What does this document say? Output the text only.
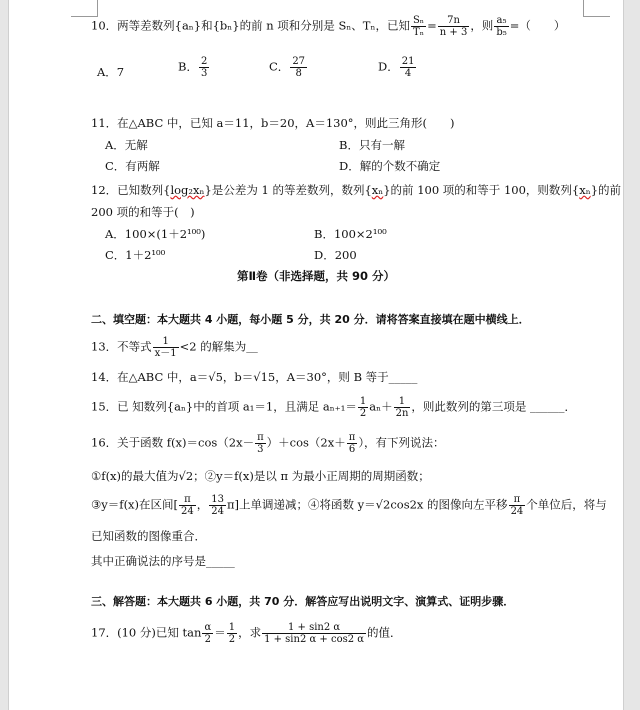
10．两等差数列{aₙ}和{bₙ}的前 n 项和分别是 Sₙ、Tₙ，已知 $\frac{\text{Sₙ}}{\text{Tₙ}} = \frac{7n}{n + 3}$ ，则 $\frac{\text{a₅}}{\text{b₅}}$ =（　　）
A．7	B． $\frac{2}{3}$	C． $\frac{27}{8}$	D． $\frac{21}{4}$
11．在△ABC 中，已知 a＝11，b＝20，A＝130°，则此三角形(　　)
A．无解	B．只有一解
C．有两解	D．解的个数不确定
12．已知数列{log₂xₙ}是公差为 1 的等差数列，数列{xₙ}的前 100 项的和等于 100，则数列{xₙ}的前
200 项的和等于(　)
A．100×(1＋2¹⁰⁰)	B．100×2¹⁰⁰
C．1＋2¹⁰⁰	D．200
第Ⅱ卷（非选择题，共 90 分）
二、填空题：本大题共 4 小题，每小题 5 分，共 20 分．请将答案直接填在题中横线上．
13．不等式 $\frac{1}{x-1} <2$ 的解集为__
14．在△ABC 中，a＝√5，b＝√15，A＝30°，则 B 等于_____
15．已 知数列{aₙ}中的首项 a₁＝1，且满足 $a_{n+1}= \frac{1}{2} a_n+ \frac{1}{2n}$ ，则此数列的第三项是 ______．
16．关于函数 $f(x)=\cos(2x- \frac{\pi}{3} )+\cos(2x+ \frac{\pi}{6}$ ），有下列说法：
①f(x)的最大值为√2；②y＝f(x)是以 π 为最小正周期的周期函数；
③y＝f(x)在区间[ $\frac{\pi}{24}$ ， $\frac{13}{24} \pi$]上单调递减；④将函数 y＝√2cos2x 的图像向左平移 $\frac{\pi}{24}$ 个单位后，将与
已知函数的图像重合．
其中正确说法的序号是_____
三、解答题：本大题共 6 小题，共 70 分．解答应写出说明文字、演算式、证明步骤．
17．(10 分)已知 $\tan \frac{\alpha}{2} = \frac{1}{2}$ ，求 $\frac{1 + \sin 2 \alpha}{1 + \sin 2 \alpha + \cos 2 \alpha}$ 的值．
